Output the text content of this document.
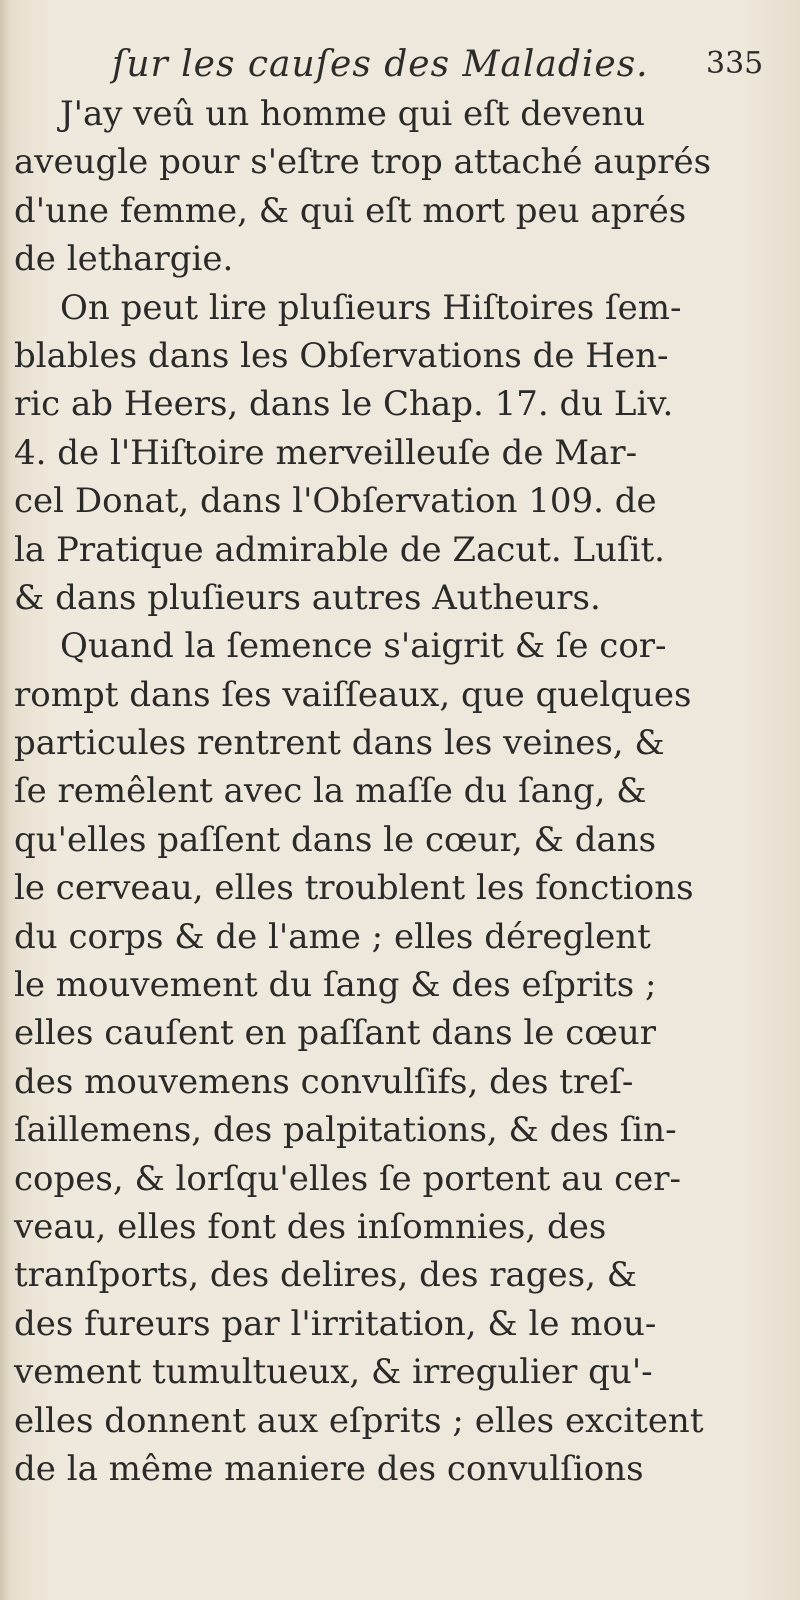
ſur les cauſes des Maladies. 335
J'ay veû un homme qui eſt devenu
aveugle pour s'eſtre trop attaché auprés
d'une femme, & qui eſt mort peu aprés
de lethargie.
On peut lire pluſieurs Hiſtoires ſem-
blables dans les Obſervations de Hen-
ric ab Heers, dans le Chap. 17. du Liv.
4. de l'Hiſtoire merveilleuſe de Mar-
cel Donat, dans l'Obſervation 109. de
la Pratique admirable de Zacut. Luſit.
& dans pluſieurs autres Autheurs.
Quand la ſemence s'aigrit & ſe cor-
rompt dans ſes vaiſſeaux, que quelques
particules rentrent dans les veines, &
ſe remêlent avec la maſſe du ſang, &
qu'elles paſſent dans le cœur, & dans
le cerveau, elles troublent les fonctions
du corps & de l'ame ; elles déreglent
le mouvement du ſang & des eſprits ;
elles cauſent en paſſant dans le cœur
des mouvemens convulſifs, des treſ-
ſaillemens, des palpitations, & des ſin-
copes, & lorſqu'elles ſe portent au cer-
veau, elles font des inſomnies, des
tranſports, des delires, des rages, &
des fureurs par l'irritation, & le mou-
vement tumultueux, & irregulier qu'-
elles donnent aux eſprits ; elles excitent
de la même maniere des convulſions
